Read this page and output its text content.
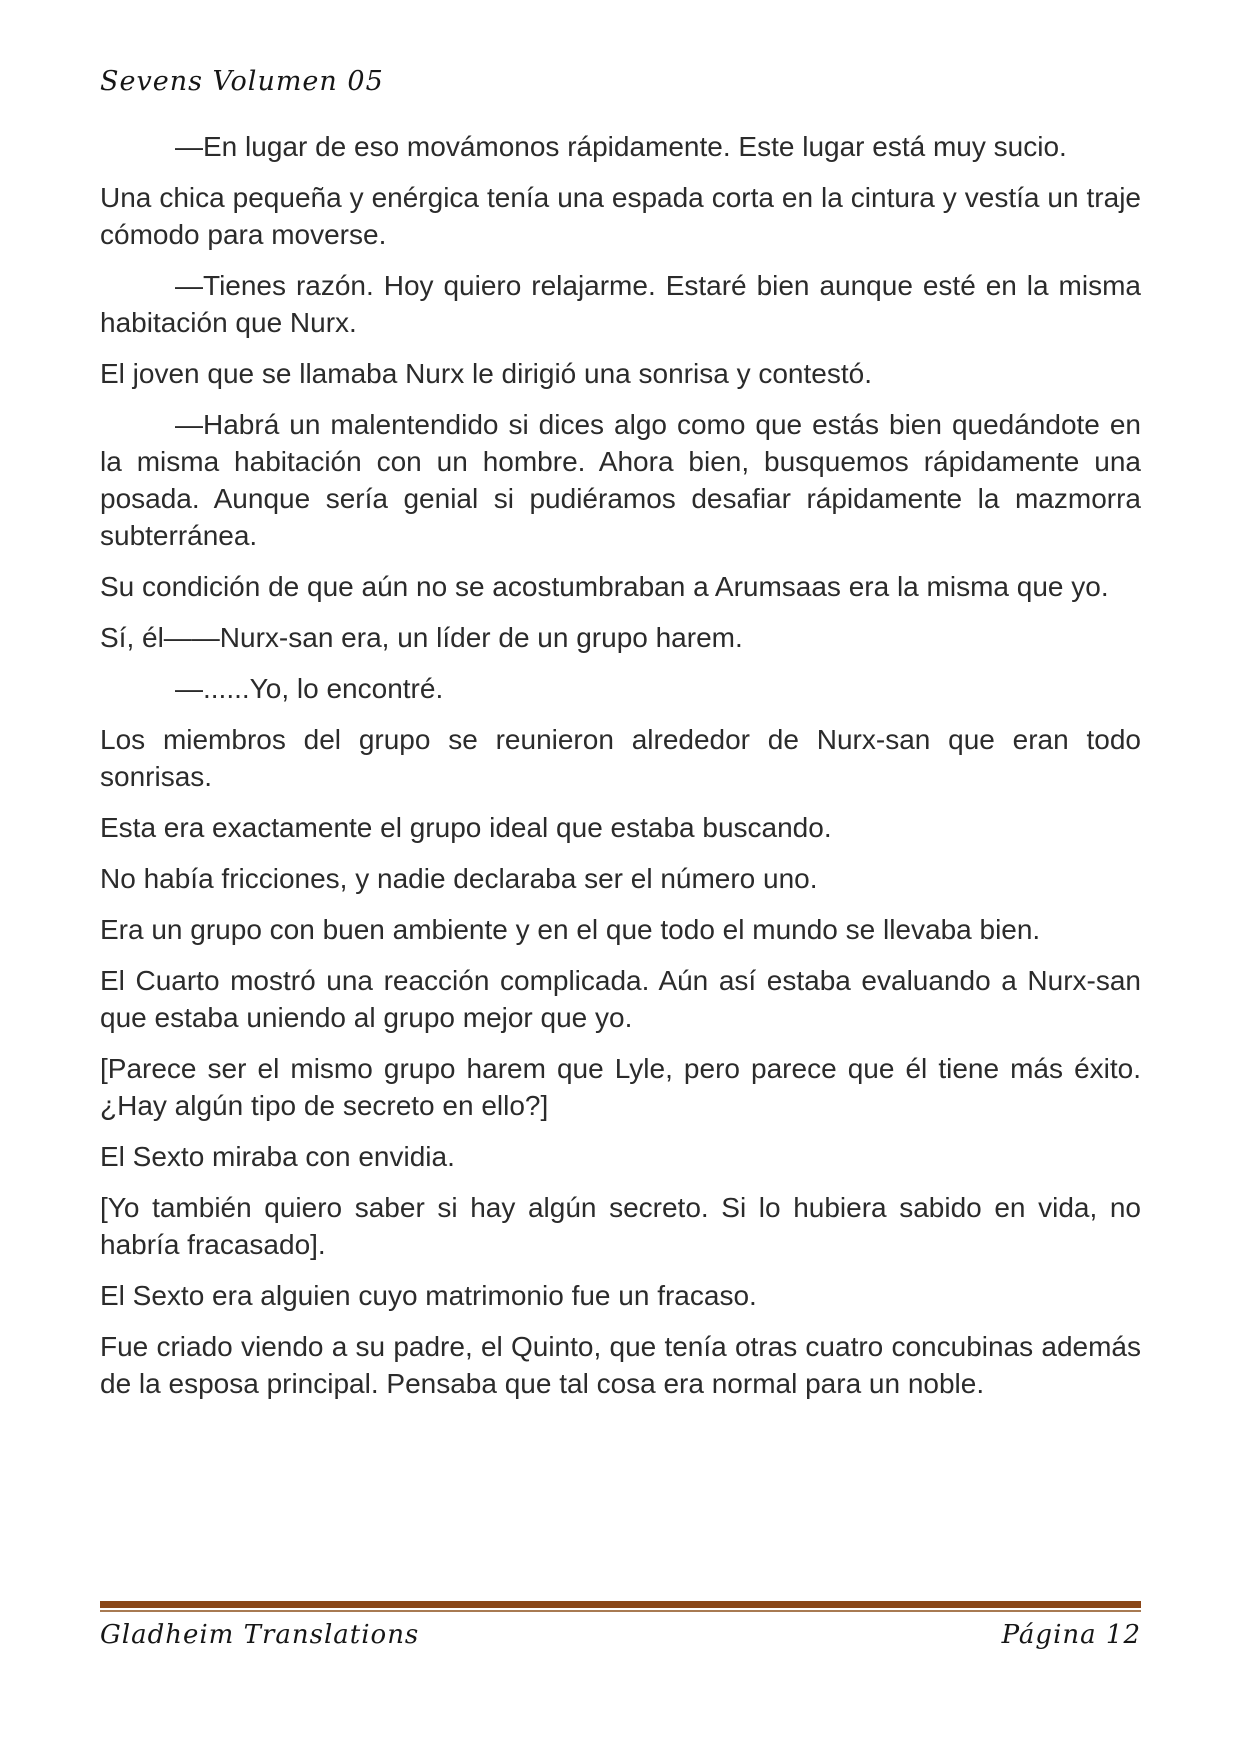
Sevens Volumen 05

—En lugar de eso movámonos rápidamente. Este lugar está muy sucio.

Una chica pequeña y enérgica tenía una espada corta en la cintura y vestía un traje cómodo para moverse.

—Tienes razón. Hoy quiero relajarme. Estaré bien aunque esté en la misma habitación que Nurx.

El joven que se llamaba Nurx le dirigió una sonrisa y contestó.

—Habrá un malentendido si dices algo como que estás bien quedándote en la misma habitación con un hombre. Ahora bien, busquemos rápidamente una posada. Aunque sería genial si pudiéramos desafiar rápidamente la mazmorra subterránea.

Su condición de que aún no se acostumbraban a Arumsaas era la misma que yo.

Sí, él——Nurx-san era, un líder de un grupo harem.

—......Yo, lo encontré.

Los miembros del grupo se reunieron alrededor de Nurx-san que eran todo sonrisas.

Esta era exactamente el grupo ideal que estaba buscando.

No había fricciones, y nadie declaraba ser el número uno.

Era un grupo con buen ambiente y en el que todo el mundo se llevaba bien.

El Cuarto mostró una reacción complicada. Aún así estaba evaluando a Nurx-san que estaba uniendo al grupo mejor que yo.

[Parece ser el mismo grupo harem que Lyle, pero parece que él tiene más éxito. ¿Hay algún tipo de secreto en ello?]

El Sexto miraba con envidia.

[Yo también quiero saber si hay algún secreto. Si lo hubiera sabido en vida, no habría fracasado].

El Sexto era alguien cuyo matrimonio fue un fracaso.

Fue criado viendo a su padre, el Quinto, que tenía otras cuatro concubinas además de la esposa principal. Pensaba que tal cosa era normal para un noble.

Gladheim Translations	Página 12
